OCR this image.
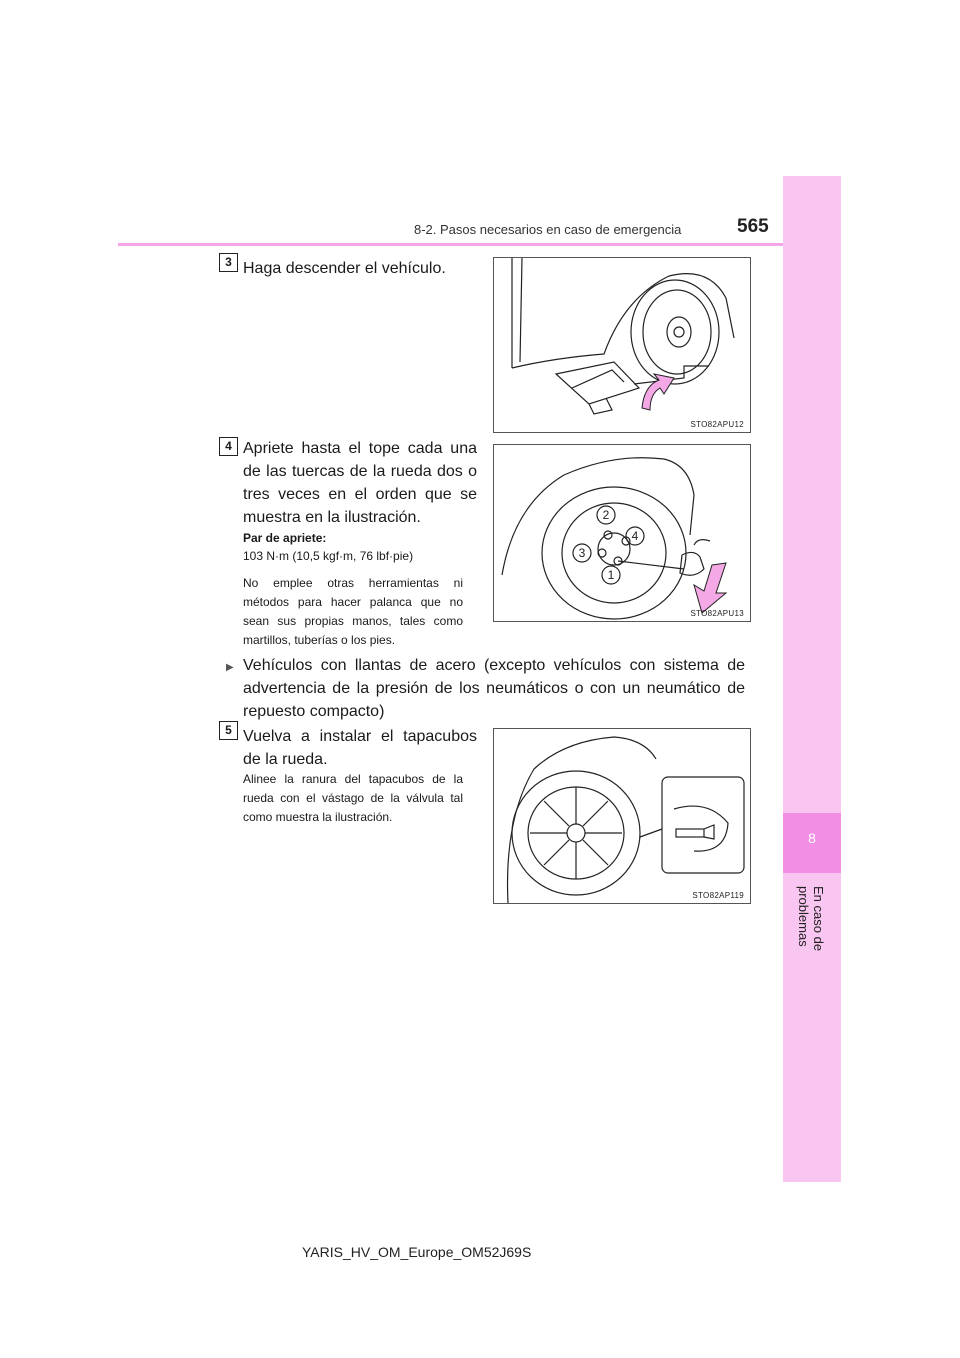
8
En caso de problemas
8-2. Pasos necesarios en caso de emergencia	565
3 Haga descender el vehículo.
STO82APU12
4 Apriete hasta el tope cada una de las tuercas de la rueda dos o tres veces en el orden que se muestra en la ilustración.
Par de apriete:
103 N·m (10,5 kgf·m, 76 lbf·pie)
No emplee otras herramientas ni métodos para hacer palanca que no sean sus propias manos, tales como martillos, tuberías o los pies.
1
2
3
4
STO82APU13
▶ Vehículos con llantas de acero (excepto vehículos con sistema de advertencia de la presión de los neumáticos o con un neumático de repuesto compacto)
5 Vuelva a instalar el tapacubos de la rueda.
Alinee la ranura del tapacubos de la rueda con el vástago de la válvula tal como muestra la ilustración.
STO82AP119
YARIS_HV_OM_Europe_OM52J69S
